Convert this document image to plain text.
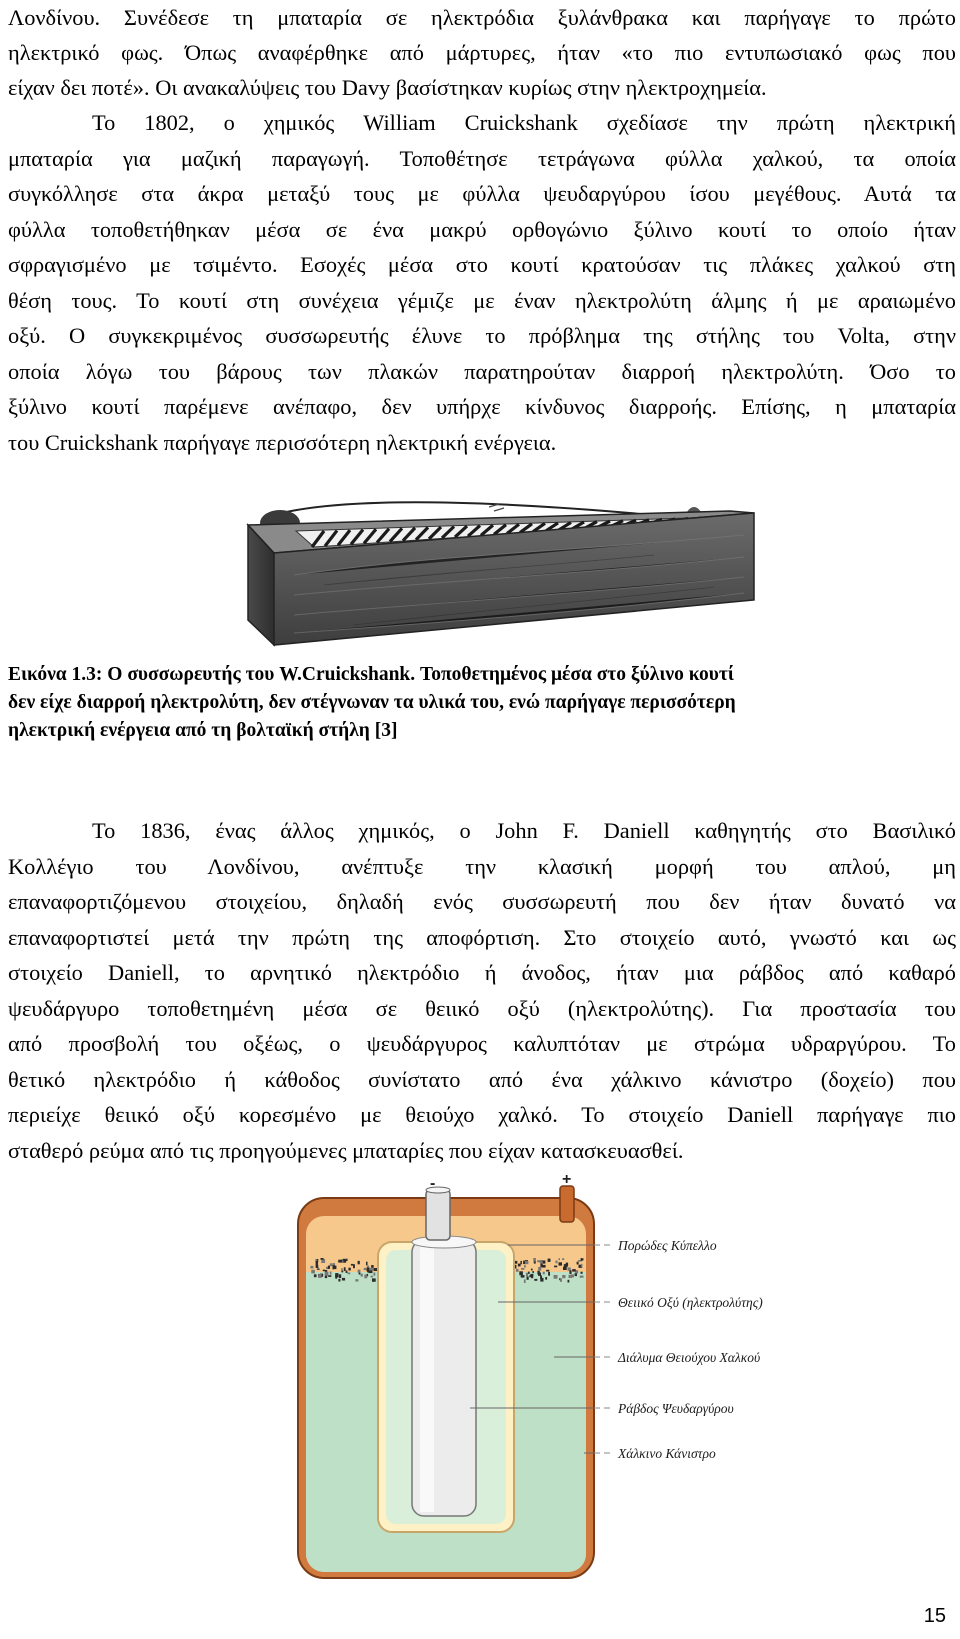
Λονδίνου. Συνέδεσε τη μπαταρία σε ηλεκτρόδια ξυλάνθρακα και παρήγαγε το πρώτο
ηλεκτρικό φως. Όπως αναφέρθηκε από μάρτυρες, ήταν «το πιο εντυπωσιακό φως που
είχαν δει ποτέ». Οι ανακαλύψεις του Davy βασίστηκαν κυρίως στην ηλεκτροχημεία.
Το 1802, ο χημικός William Cruickshank σχεδίασε την πρώτη ηλεκτρική
μπαταρία για μαζική παραγωγή. Τοποθέτησε τετράγωνα φύλλα χαλκού, τα οποία
συγκόλλησε στα άκρα μεταξύ τους με φύλλα ψευδαργύρου ίσου μεγέθους. Αυτά τα
φύλλα τοποθετήθηκαν μέσα σε ένα μακρύ ορθογώνιο ξύλινο κουτί το οποίο ήταν
σφραγισμένο με τσιμέντο. Εσοχές μέσα στο κουτί κρατούσαν τις πλάκες χαλκού στη
θέση τους. Το κουτί στη συνέχεια γέμιζε με έναν ηλεκτρολύτη άλμης ή με αραιωμένο
οξύ. Ο συγκεκριμένος συσσωρευτής έλυνε το πρόβλημα της στήλης του Volta, στην
οποία λόγω του βάρους των πλακών παρατηρούταν διαρροή ηλεκτρολύτη. Όσο το
ξύλινο κουτί παρέμενε ανέπαφο, δεν υπήρχε κίνδυνος διαρροής. Επίσης, η μπαταρία
του Cruickshank παρήγαγε περισσότερη ηλεκτρική ενέργεια.
Εικόνα 1.3: Ο συσσωρευτής του W.Cruickshank. Τοποθετημένος μέσα στο ξύλινο κουτί
δεν είχε διαρροή ηλεκτρολύτη, δεν στέγνωναν τα υλικά του, ενώ παρήγαγε περισσότερη
ηλεκτρική ενέργεια από τη βολταϊκή στήλη [3]
Το 1836, ένας άλλος χημικός, ο John F. Daniell καθηγητής στο Βασιλικό
Κολλέγιο του Λονδίνου, ανέπτυξε την κλασική μορφή του απλού, μη
επαναφορτιζόμενου στοιχείου, δηλαδή ενός συσσωρευτή που δεν ήταν δυνατό να
επαναφορτιστεί μετά την πρώτη της αποφόρτιση. Στο στοιχείο αυτό, γνωστό και ως
στοιχείο Daniell, το αρνητικό ηλεκτρόδιο ή άνοδος, ήταν μια ράβδος από καθαρό
ψευδάργυρο τοποθετημένη μέσα σε θειικό οξύ (ηλεκτρολύτης). Για προστασία του
από προσβολή του οξέως, ο ψευδάργυρος καλυπτόταν με στρώμα υδραργύρου. Το
θετικό ηλεκτρόδιο ή κάθοδος συνίστατο από ένα χάλκινο κάνιστρο (δοχείο) που
περιείχε θειικό οξύ κορεσμένο με θειούχο χαλκό. Το στοιχείο Daniell παρήγαγε πιο
σταθερό ρεύμα από τις προηγούμενες μπαταρίες που είχαν κατασκευασθεί.
-	+
Πορώδες Κύπελλο
Θειικό Οξύ (ηλεκτρολύτης)
Διάλυμα Θειούχου Χαλκού
Ράβδος Ψευδαργύρου
Χάλκινο Κάνιστρο
15
